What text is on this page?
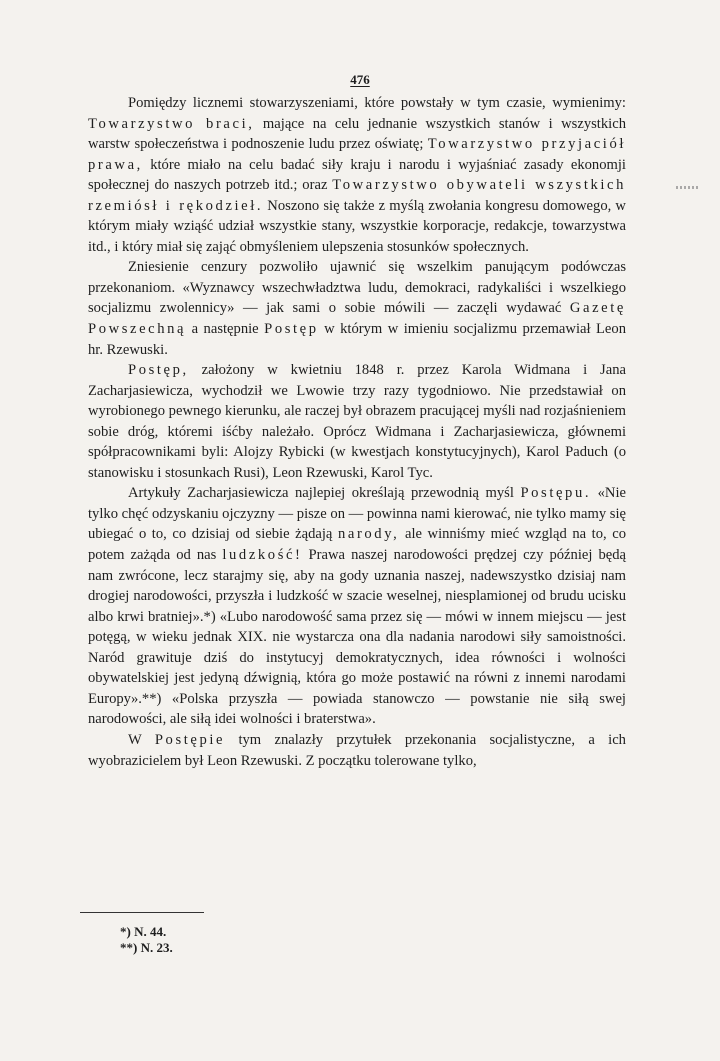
476

Pomiędzy licznemi stowarzyszeniami, które powstały w tym czasie, wymienimy: Towarzystwo braci, mające na celu jednanie wszystkich stanów i wszystkich warstw społeczeństwa i podnoszenie ludu przez oświatę; Towarzystwo przyjaciół prawa, które miało na celu badać siły kraju i narodu i wyjaśniać zasady ekonomji społecznej do naszych potrzeb itd.; oraz Towarzystwo obywateli wszystkich rzemiósł i rękodzieł. Noszono się także z myślą zwołania kongresu domowego, w którym miały wziąść udział wszystkie stany, wszystkie korporacje, redakcje, towarzystwa itd., i który miał się zająć obmyśleniem ulepszenia stosunków społecznych.

Zniesienie cenzury pozwoliło ujawnić się wszelkim panującym podówczas przekonaniom. «Wyznawcy wszechwładztwa ludu, demokraci, radykaliści i wszelkiego socjalizmu zwolennicy» — jak sami o sobie mówili — zaczęli wydawać Gazetę Powszechną a następnie Postęp w którym w imieniu socjalizmu przemawiał Leon hr. Rzewuski.

Postęp, założony w kwietniu 1848 r. przez Karola Widmana i Jana Zacharjasiewicza, wychodził we Lwowie trzy razy tygodniowo. Nie przedstawiał on wyrobionego pewnego kierunku, ale raczej był obrazem pracującej myśli nad rozjaśnieniem sobie dróg, któremi iśćby należało. Oprócz Widmana i Zacharjasiewicza, głównemi spółpracownikami byli: Alojzy Rybicki (w kwestjach konstytucyjnych), Karol Paduch (o stanowisku i stosunkach Rusi), Leon Rzewuski, Karol Tyc.

Artykuły Zacharjasiewicza najlepiej określają przewodnią myśl Postępu. «Nie tylko chęć odzyskaniu ojczyzny — pisze on — powinna nami kierować, nie tylko mamy się ubiegać o to, co dzisiaj od siebie żądają narody, ale winniśmy mieć wzgląd na to, co potem zażąda od nas ludzkość! Prawa naszej narodowości prędzej czy później będą nam zwrócone, lecz starajmy się, aby na gody uznania naszej, nadewszystko dzisiaj nam drogiej narodowości, przyszła i ludzkość w szacie weselnej, niesplamionej od brudu ucisku albo krwi bratniej».*) «Lubo narodowość sama przez się — mówi w innem miejscu — jest potęgą, w wieku jednak XIX. nie wystarcza ona dla nadania narodowi siły samoistności. Naród grawituje dziś do instytucyj demokratycznych, idea równości i wolności obywatelskiej jest jedyną dźwignią, która go może postawić na równi z innemi narodami Europy».**) «Polska przyszła — powiada stanowczo — powstanie nie siłą swej narodowości, ale siłą idei wolności i braterstwa».

W Postępie tym znalazły przytułek przekonania socjalistyczne, a ich wyobrazicielem był Leon Rzewuski. Z początku tolerowane tylko,

*) N. 44.
**) N. 23.
